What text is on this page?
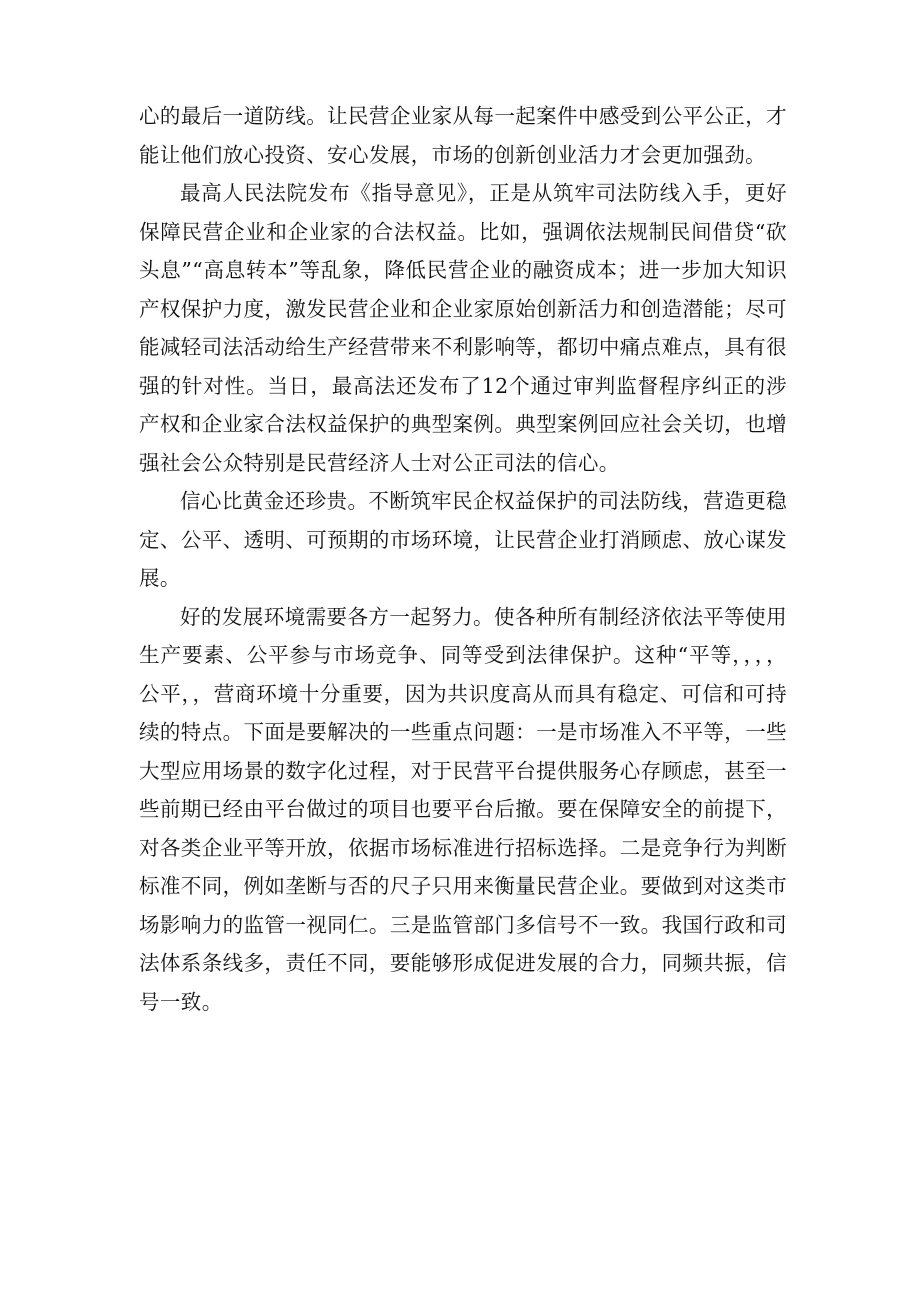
心的最后一道防线。让民营企业家从每一起案件中感受到公平公正，才能让他们放心投资、安心发展，市场的创新创业活力才会更加强劲。

最高人民法院发布《指导意见》，正是从筑牢司法防线入手，更好保障民营企业和企业家的合法权益。比如，强调依法规制民间借贷“砍头息”“高息转本”等乱象，降低民营企业的融资成本；进一步加大知识产权保护力度，激发民营企业和企业家原始创新活力和创造潜能；尽可能减轻司法活动给生产经营带来不利影响等，都切中痛点难点，具有很强的针对性。当日，最高法还发布了12个通过审判监督程序纠正的涉产权和企业家合法权益保护的典型案例。典型案例回应社会关切，也增强社会公众特别是民营经济人士对公正司法的信心。

信心比黄金还珍贵。不断筑牢民企权益保护的司法防线，营造更稳定、公平、透明、可预期的市场环境，让民营企业打消顾虑、放心谋发展。

好的发展环境需要各方一起努力。使各种所有制经济依法平等使用生产要素、公平参与市场竞争、同等受到法律保护。这种“平等，，，，公平，，营商环境十分重要，因为共识度高从而具有稳定、可信和可持续的特点。下面是要解决的一些重点问题：一是市场准入不平等，一些大型应用场景的数字化过程，对于民营平台提供服务心存顾虑，甚至一些前期已经由平台做过的项目也要平台后撤。要在保障安全的前提下，对各类企业平等开放，依据市场标准进行招标选择。二是竞争行为判断标准不同，例如垄断与否的尺子只用来衡量民营企业。要做到对这类市场影响力的监管一视同仁。三是监管部门多信号不一致。我国行政和司法体系条线多，责任不同，要能够形成促进发展的合力，同频共振，信号一致。
